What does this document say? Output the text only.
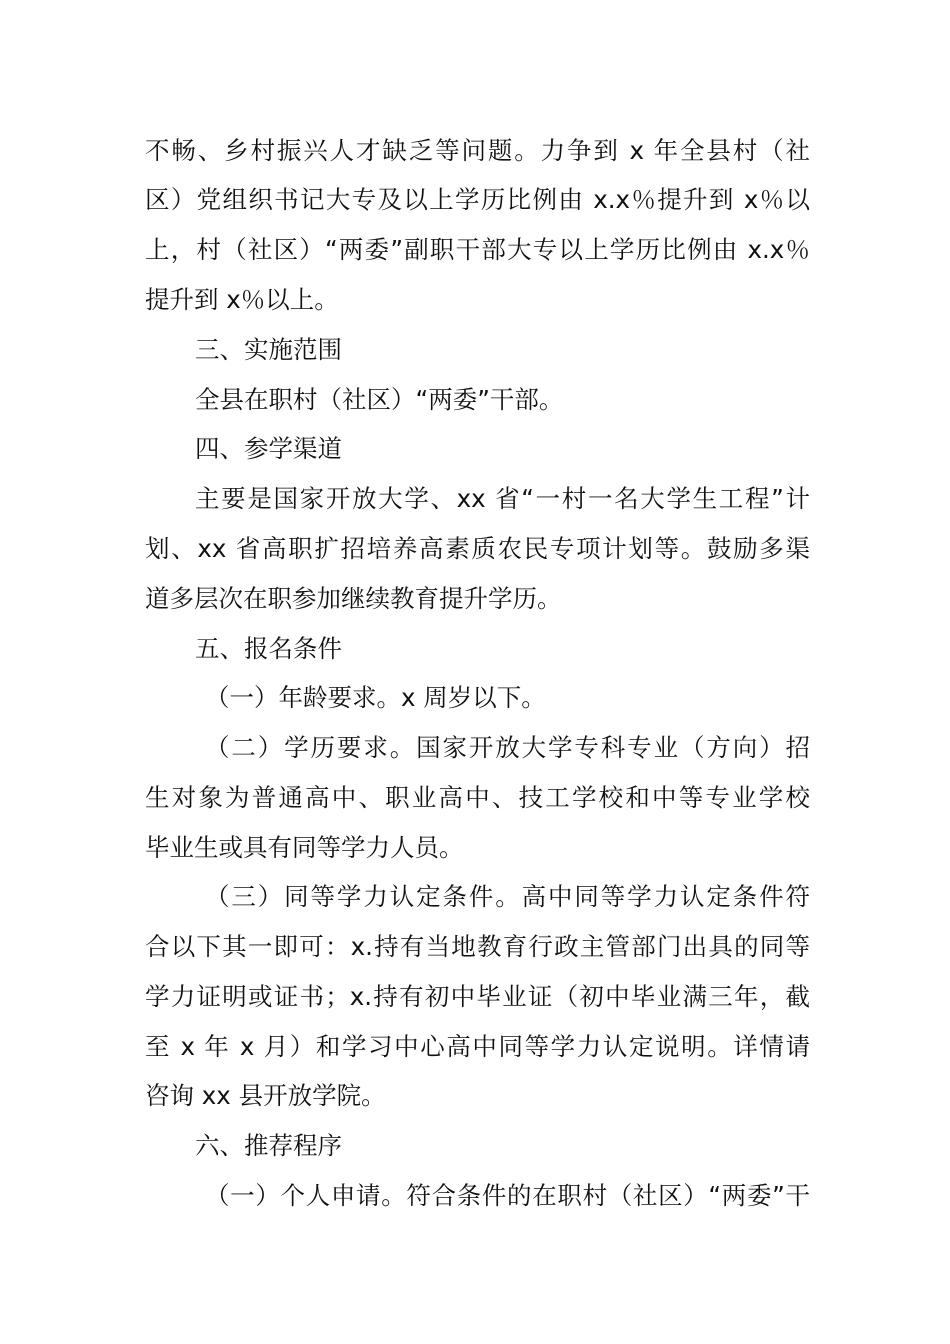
不畅、乡村振兴人才缺乏等问题。力争到 x 年全县村（社
区）党组织书记大专及以上学历比例由 x.x％提升到 x％以
上，村（社区）“两委”副职干部大专以上学历比例由 x.x％
提升到 x％以上。
三、实施范围
全县在职村（社区）“两委”干部。
四、参学渠道
主要是国家开放大学、xx 省“一村一名大学生工程”计
划、xx 省高职扩招培养高素质农民专项计划等。鼓励多渠
道多层次在职参加继续教育提升学历。
五、报名条件
（一）年龄要求。x 周岁以下。
（二）学历要求。国家开放大学专科专业（方向）招
生对象为普通高中、职业高中、技工学校和中等专业学校
毕业生或具有同等学力人员。
（三）同等学力认定条件。高中同等学力认定条件符
合以下其一即可：x.持有当地教育行政主管部门出具的同等
学力证明或证书；x.持有初中毕业证（初中毕业满三年，截
至 x 年 x 月）和学习中心高中同等学力认定说明。详情请
咨询 xx 县开放学院。
六、推荐程序
（一）个人申请。符合条件的在职村（社区）“两委”干
